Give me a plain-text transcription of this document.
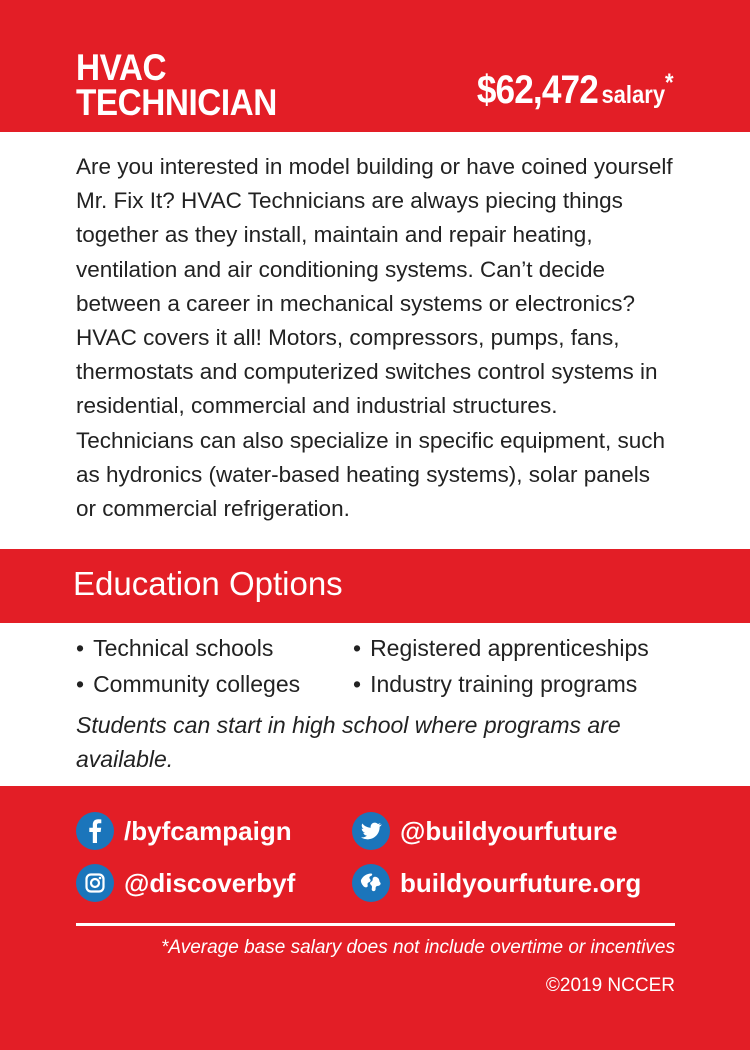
HVAC
TECHNICIAN	$62,472 salary*

Are you interested in model building or have coined yourself Mr. Fix It? HVAC Technicians are always piecing things together as they install, maintain and repair heating, ventilation and air conditioning systems. Can’t decide between a career in mechanical systems or electronics? HVAC covers it all! Motors, compressors, pumps, fans, thermostats and computerized switches control systems in residential, commercial and industrial structures. Technicians can also specialize in specific equipment, such as hydronics (water-based heating systems), solar panels or commercial refrigeration.

Education Options
• Technical schools	• Registered apprenticeships
• Community colleges	• Industry training programs

Students can start in high school where programs are available.

/byfcampaign	@buildyourfuture
@discoverbyf	buildyourfuture.org

*Average base salary does not include overtime or incentives

©2019 NCCER
